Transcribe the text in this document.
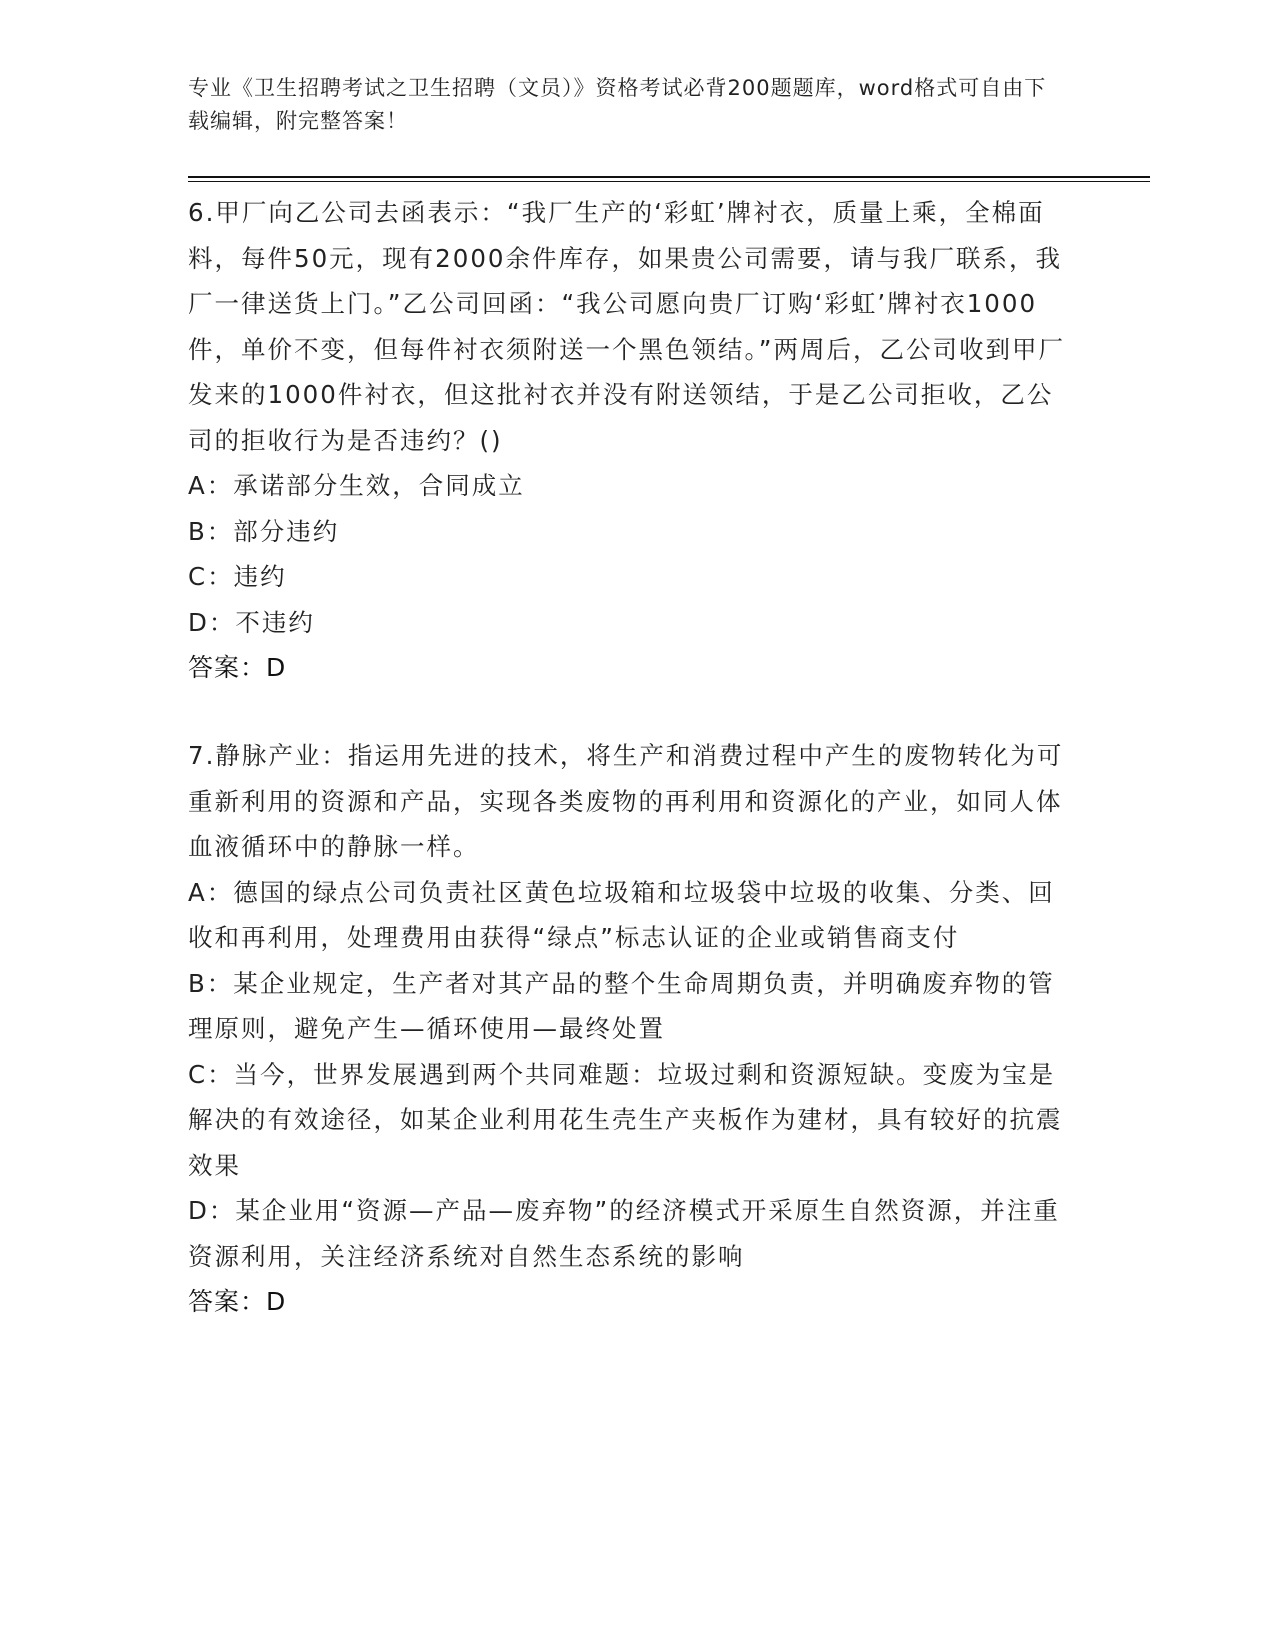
专业《卫生招聘考试之卫生招聘（文员）》资格考试必背200题题库，word格式可自由下载编辑，附完整答案！

6.甲厂向乙公司去函表示：“我厂生产的‘彩虹’牌衬衣，质量上乘，全棉面料，每件50元，现有2000余件库存，如果贵公司需要，请与我厂联系，我厂一律送货上门。”乙公司回函：“我公司愿向贵厂订购‘彩虹’牌衬衣1000件，单价不变，但每件衬衣须附送一个黑色领结。”两周后，乙公司收到甲厂发来的1000件衬衣，但这批衬衣并没有附送领结，于是乙公司拒收，乙公司的拒收行为是否违约？()

A：承诺部分生效，合同成立

B：部分违约

C：违约

D：不违约

答案：D

7.静脉产业：指运用先进的技术，将生产和消费过程中产生的废物转化为可重新利用的资源和产品，实现各类废物的再利用和资源化的产业，如同人体血液循环中的静脉一样。

A：德国的绿点公司负责社区黄色垃圾箱和垃圾袋中垃圾的收集、分类、回收和再利用，处理费用由获得“绿点”标志认证的企业或销售商支付

B：某企业规定，生产者对其产品的整个生命周期负责，并明确废弃物的管理原则，避免产生—循环使用—最终处置

C：当今，世界发展遇到两个共同难题：垃圾过剩和资源短缺。变废为宝是解决的有效途径，如某企业利用花生壳生产夹板作为建材，具有较好的抗震效果

D：某企业用“资源—产品—废弃物”的经济模式开采原生自然资源，并注重资源利用，关注经济系统对自然生态系统的影响

答案：D
